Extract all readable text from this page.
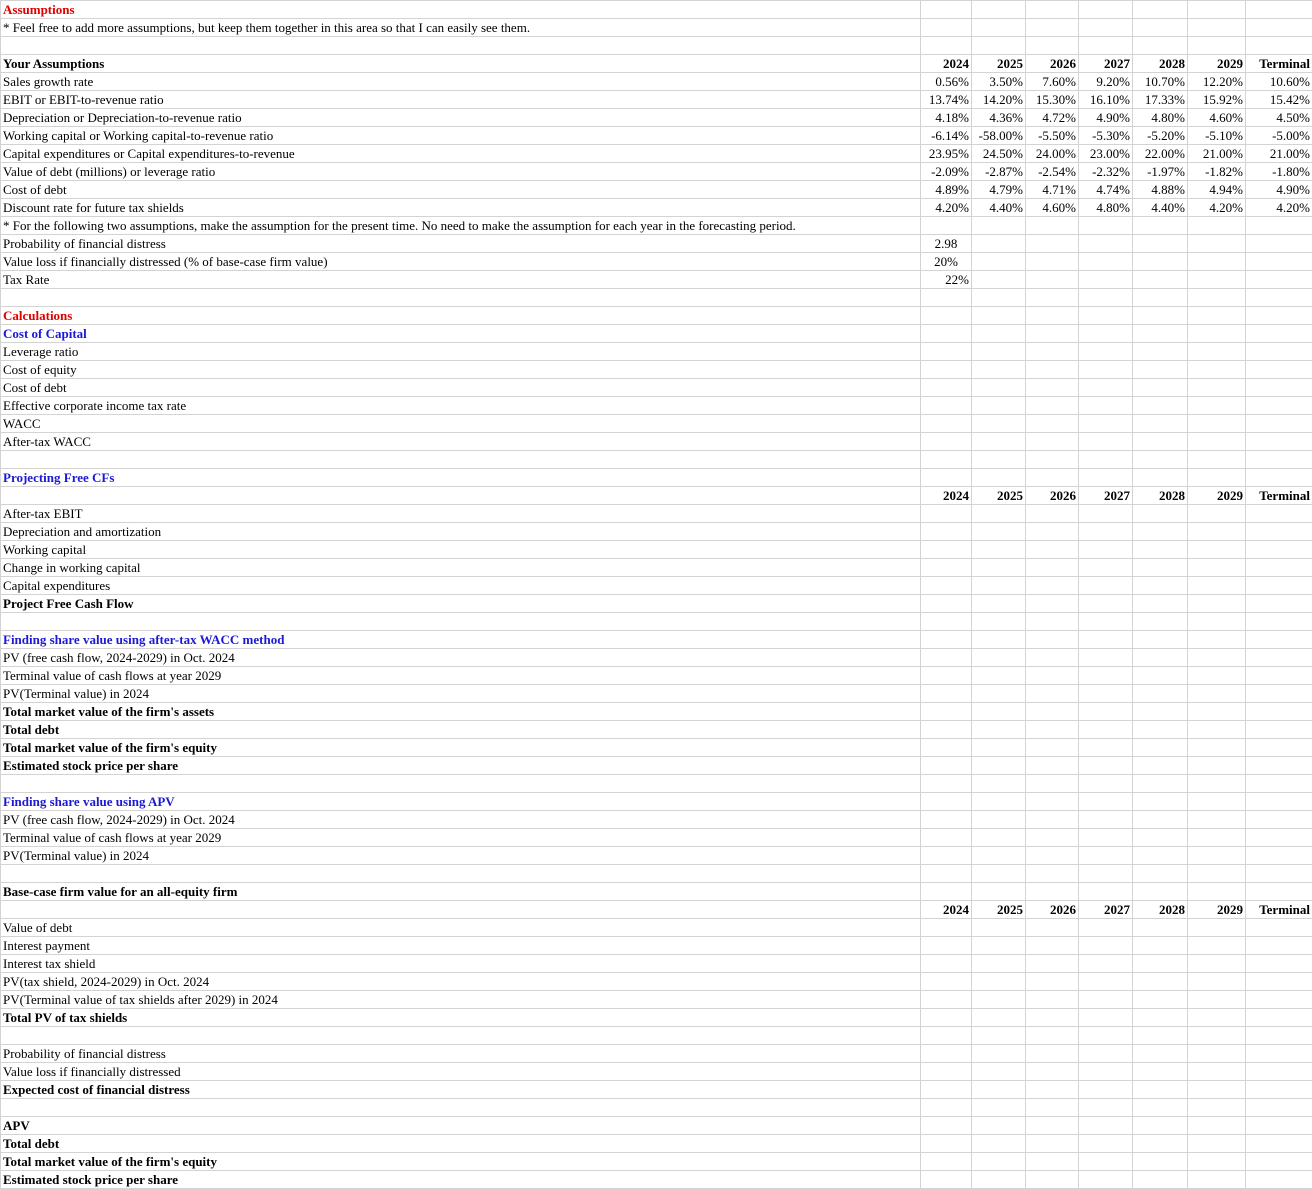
Assumptions							
* Feel free to add more assumptions, but keep them together in this area so that I can easily see them.							

Your Assumptions	2024	2025	2026	2027	2028	2029	Terminal
Sales growth rate	0.56%	3.50%	7.60%	9.20%	10.70%	12.20%	10.60%
EBIT or EBIT-to-revenue ratio	13.74%	14.20%	15.30%	16.10%	17.33%	15.92%	15.42%
Depreciation or Depreciation-to-revenue ratio	4.18%	4.36%	4.72%	4.90%	4.80%	4.60%	4.50%
Working capital or Working capital-to-revenue ratio	-6.14%	-58.00%	-5.50%	-5.30%	-5.20%	-5.10%	-5.00%
Capital expenditures or Capital expenditures-to-revenue	23.95%	24.50%	24.00%	23.00%	22.00%	21.00%	21.00%
Value of debt (millions) or leverage ratio	-2.09%	-2.87%	-2.54%	-2.32%	-1.97%	-1.82%	-1.80%
Cost of debt	4.89%	4.79%	4.71%	4.74%	4.88%	4.94%	4.90%
Discount rate for future tax shields	4.20%	4.40%	4.60%	4.80%	4.40%	4.20%	4.20%
* For the following two assumptions, make the assumption for the present time. No need to make the assumption for each year in the forecasting period.							
Probability of financial distress	2.98						
Value loss if financially distressed (% of base-case firm value)	20%						
Tax Rate	22%						

Calculations							
Cost of Capital							
Leverage ratio							
Cost of equity							
Cost of debt							
Effective corporate income tax rate							
WACC							
After-tax WACC							

Projecting Free CFs							
	2024	2025	2026	2027	2028	2029	Terminal
After-tax EBIT							
Depreciation and amortization							
Working capital							
Change in working capital							
Capital expenditures							
Project Free Cash Flow							

Finding share value using after-tax WACC method							
PV (free cash flow, 2024-2029) in Oct. 2024							
Terminal value of cash flows at year 2029							
PV(Terminal value) in 2024							
Total market value of the firm's assets							
Total debt							
Total market value of the firm's equity							
Estimated stock price per share							

Finding share value using APV							
PV (free cash flow, 2024-2029) in Oct. 2024							
Terminal value of cash flows at year 2029							
PV(Terminal value) in 2024							

Base-case firm value for an all-equity firm							
	2024	2025	2026	2027	2028	2029	Terminal
Value of debt							
Interest payment							
Interest tax shield							
PV(tax shield, 2024-2029) in Oct. 2024							
PV(Terminal value of tax shields after 2029) in 2024							
Total PV of tax shields							

Probability of financial distress							
Value loss if financially distressed							
Expected cost of financial distress							

APV							
Total debt							
Total market value of the firm's equity							
Estimated stock price per share							
